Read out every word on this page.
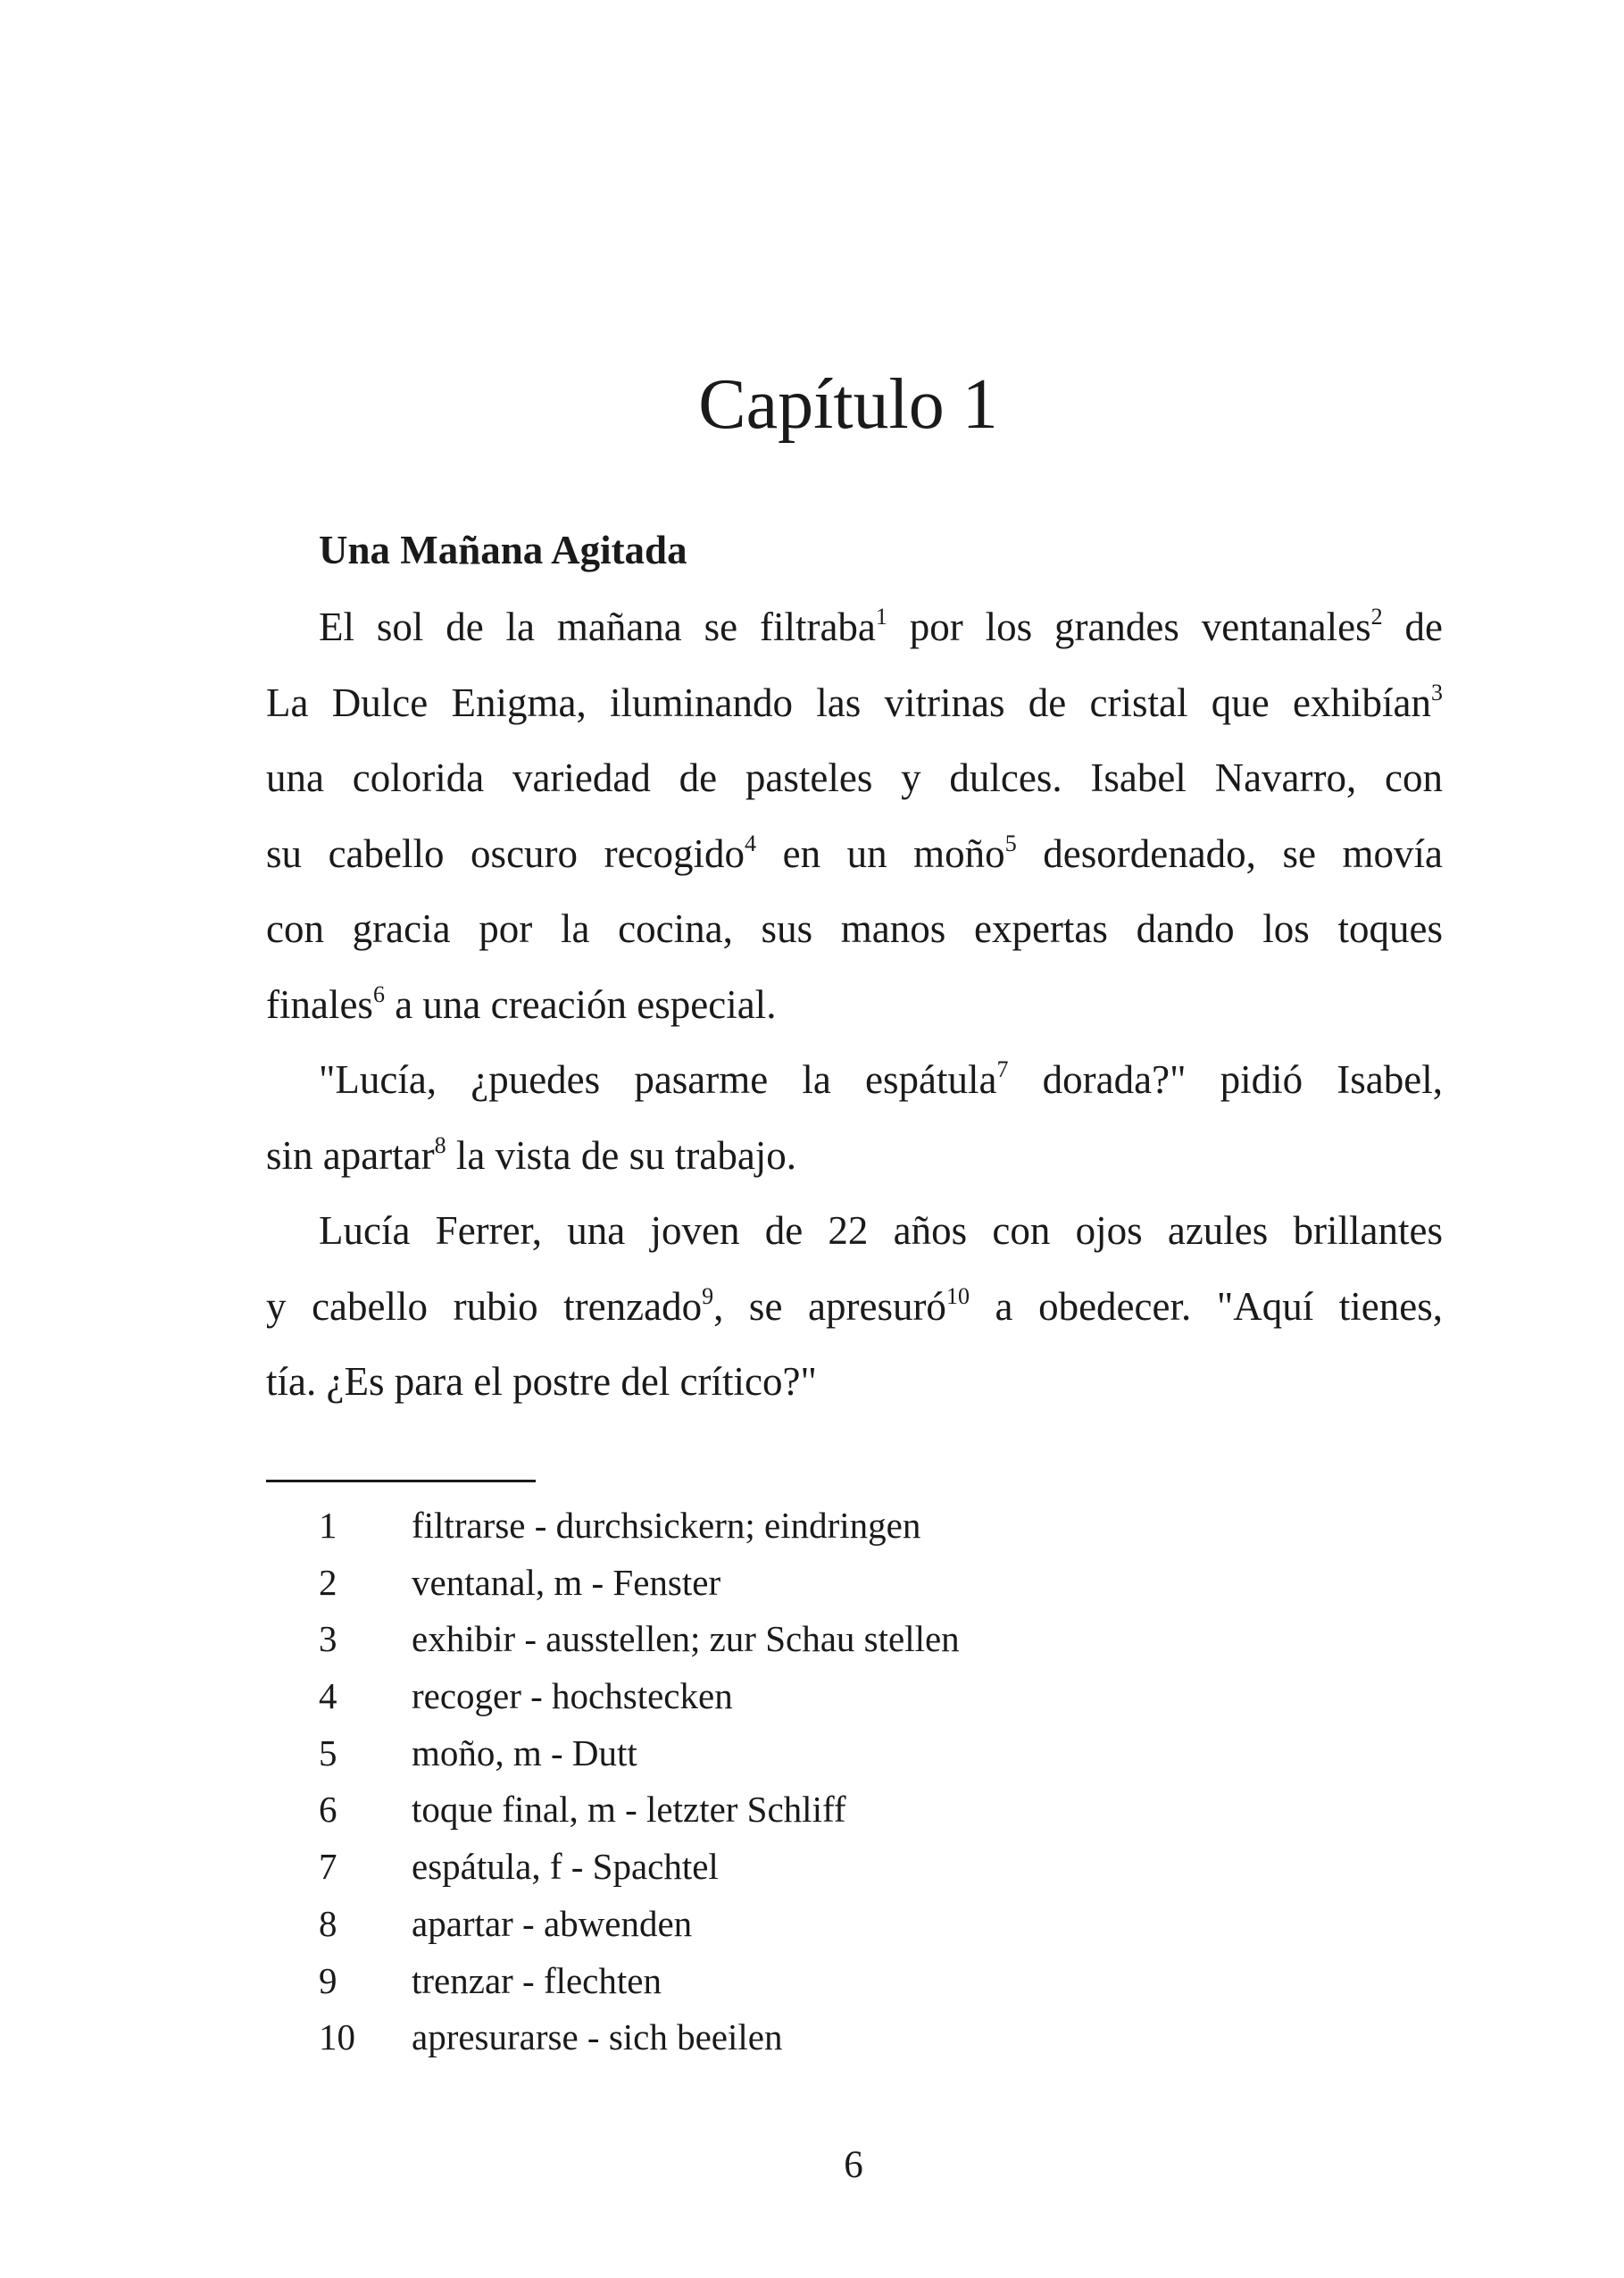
Capítulo 1
Una Mañana Agitada
El sol de la mañana se filtraba$^1$ por los grandes ventanales$^2$ de
La Dulce Enigma, iluminando las vitrinas de cristal que exhibían$^3$
una colorida variedad de pasteles y dulces. Isabel Navarro, con
su cabello oscuro recogido$^4$ en un moño$^5$ desordenado, se movía
con gracia por la cocina, sus manos expertas dando los toques
finales$^6$ a una creación especial.
"Lucía, ¿puedes pasarme la espátula$^7$ dorada?" pidió Isabel,
sin apartar$^8$ la vista de su trabajo.
Lucía Ferrer, una joven de 22 años con ojos azules brillantes
y cabello rubio trenzado$^9$, se apresuró$^{10}$ a obedecer. "Aquí tienes,
tía. ¿Es para el postre del crítico?"
1	filtrarse - durchsickern; eindringen
2	ventanal, m - Fenster
3	exhibir - ausstellen; zur Schau stellen
4	recoger - hochstecken
5	moño, m - Dutt
6	toque final, m - letzter Schliff
7	espátula, f - Spachtel
8	apartar - abwenden
9	trenzar - flechten
10	apresurarse - sich beeilen
6
